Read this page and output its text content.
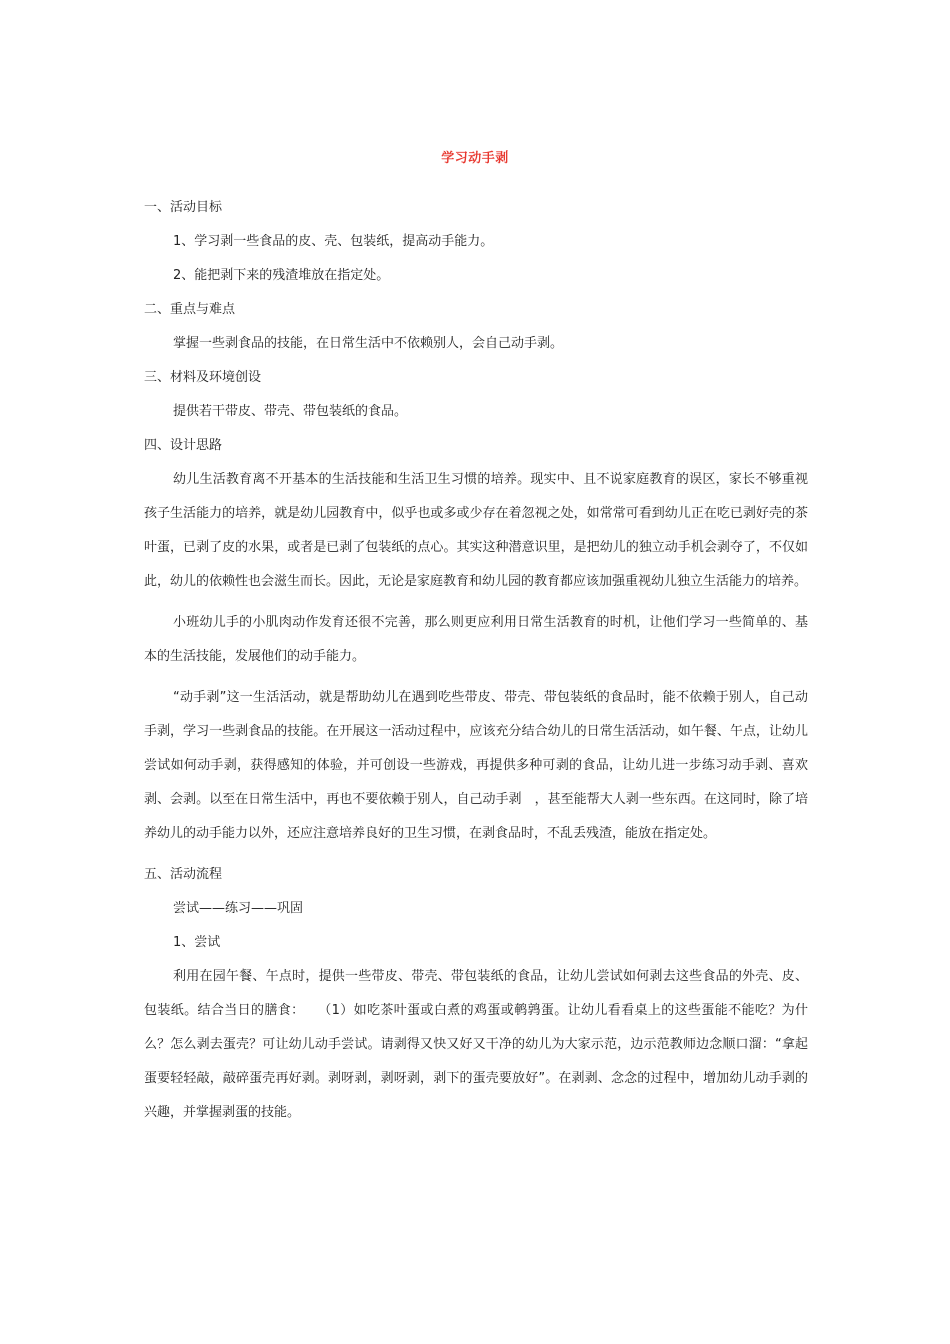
学习动手剥
一、活动目标
1、学习剥一些食品的皮、壳、包装纸，提高动手能力。
2、能把剥下来的残渣堆放在指定处。
二、重点与难点
掌握一些剥食品的技能，在日常生活中不依赖别人，会自己动手剥。
三、材料及环境创设
提供若干带皮、带壳、带包装纸的食品。
四、设计思路
幼儿生活教育离不开基本的生活技能和生活卫生习惯的培养。现实中、且不说家庭教育的误区，家长不够重视孩子生活能力的培养，就是幼儿园教育中，似乎也或多或少存在着忽视之处，如常常可看到幼儿正在吃已剥好壳的茶叶蛋，已剥了皮的水果，或者是已剥了包装纸的点心。其实这种潜意识里，是把幼儿的独立动手机会剥夺了，不仅如此，幼儿的依赖性也会滋生而长。因此，无论是家庭教育和幼儿园的教育都应该加强重视幼儿独立生活能力的培养。
小班幼儿手的小肌肉动作发育还很不完善，那么则更应利用日常生活教育的时机，让他们学习一些简单的、基本的生活技能，发展他们的动手能力。
“动手剥”这一生活活动，就是帮助幼儿在遇到吃些带皮、带壳、带包装纸的食品时，能不依赖于别人，自己动手剥，学习一些剥食品的技能。在开展这一活动过程中，应该充分结合幼儿的日常生活活动，如午餐、午点，让幼儿尝试如何动手剥，获得感知的体验，并可创设一些游戏，再提供多种可剥的食品，让幼儿进一步练习动手剥、喜欢剥、会剥。以至在日常生活中，再也不要依赖于别人，自己动手剥　，甚至能帮大人剥一些东西。在这同时，除了培养幼儿的动手能力以外，还应注意培养良好的卫生习惯，在剥食品时，不乱丢残渣，能放在指定处。
五、活动流程
尝试——练习——巩固
1、尝试
利用在园午餐、午点时，提供一些带皮、带壳、带包装纸的食品，让幼儿尝试如何剥去这些食品的外壳、皮、包装纸。结合当日的膳食：　　（1）如吃茶叶蛋或白煮的鸡蛋或鹌鹑蛋。让幼儿看看桌上的这些蛋能不能吃？为什么？怎么剥去蛋壳？可让幼儿动手尝试。请剥得又快又好又干净的幼儿为大家示范，边示范教师边念顺口溜：“拿起蛋要轻轻敲，敲碎蛋壳再好剥。剥呀剥，剥呀剥，剥下的蛋壳要放好”。在剥剥、念念的过程中，增加幼儿动手剥的兴趣，并掌握剥蛋的技能。
